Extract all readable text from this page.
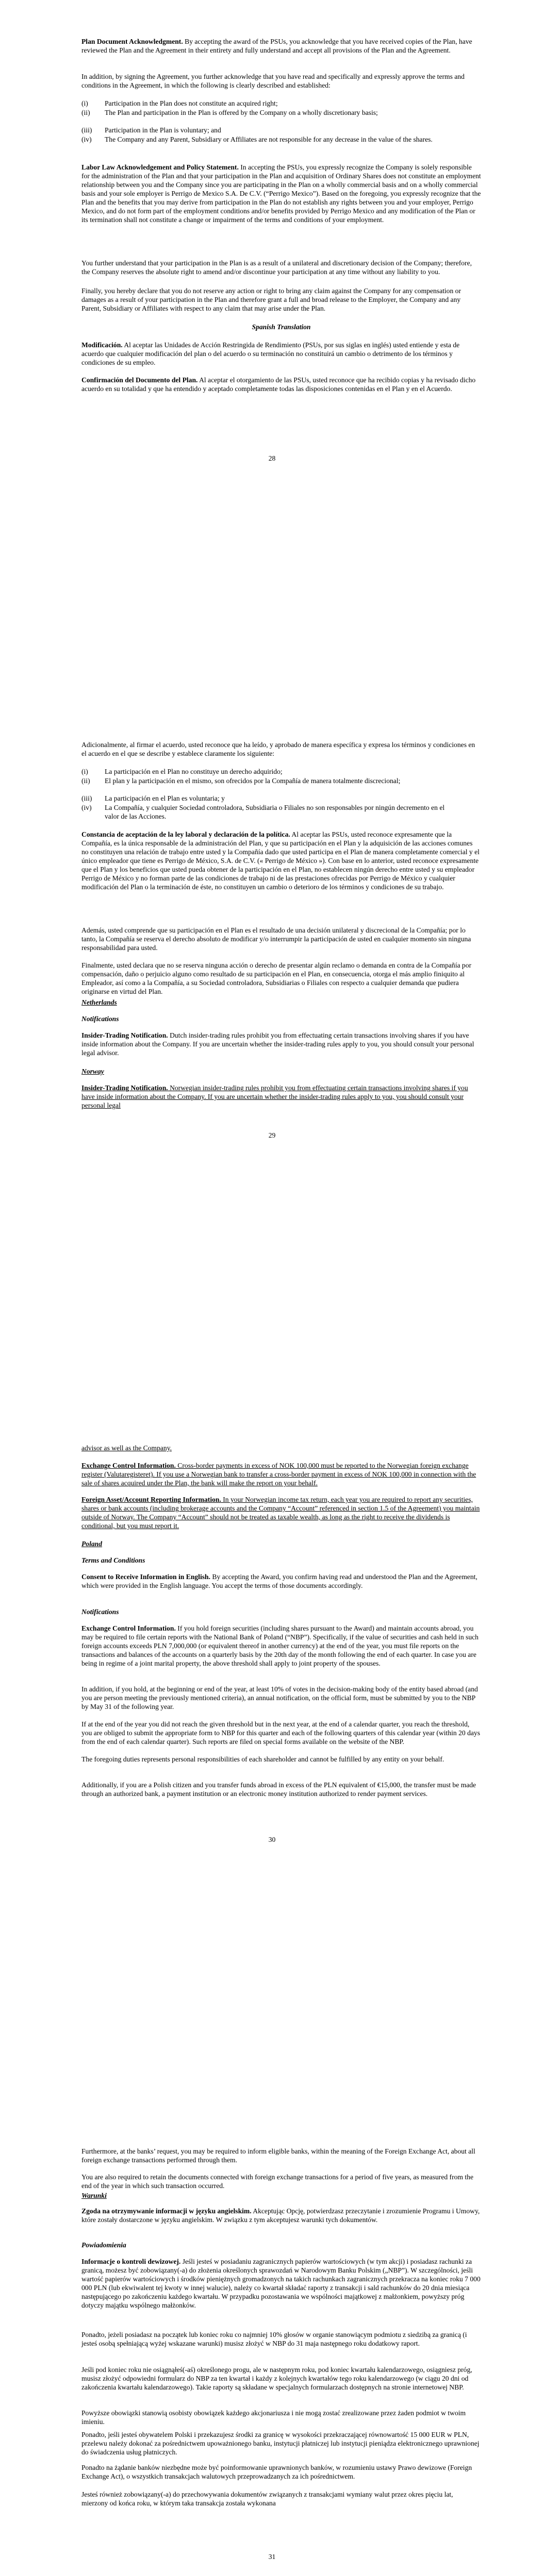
Plan Document Acknowledgment. By accepting the award of the PSUs, you acknowledge that you have received copies of the Plan, have reviewed the Plan and the Agreement in their entirety and fully understand and accept all provisions of the Plan and the Agreement.

In addition, by signing the Agreement, you further acknowledge that you have read and specifically and expressly approve the terms and conditions in the Agreement, in which the following is clearly described and established:

(i) Participation in the Plan does not constitute an acquired right;
(ii) The Plan and participation in the Plan is offered by the Company on a wholly discretionary basis;
(iii) Participation in the Plan is voluntary; and
(iv) The Company and any Parent, Subsidiary or Affiliates are not responsible for any decrease in the value of the shares.

Labor Law Acknowledgement and Policy Statement. In accepting the PSUs, you expressly recognize the Company is solely responsible for the administration of the Plan and that your participation in the Plan and acquisition of Ordinary Shares does not constitute an employment relationship between you and the Company since you are participating in the Plan on a wholly commercial basis and on a wholly commercial basis and your sole employer is Perrigo de Mexico S.A. De C.V. (“Perrigo Mexico”). Based on the foregoing, you expressly recognize that the Plan and the benefits that you may derive from participation in the Plan do not establish any rights between you and your employer, Perrigo Mexico, and do not form part of the employment conditions and/or benefits provided by Perrigo Mexico and any modification of the Plan or its termination shall not constitute a change or impairment of the terms and conditions of your employment.

You further understand that your participation in the Plan is as a result of a unilateral and discretionary decision of the Company; therefore, the Company reserves the absolute right to amend and/or discontinue your participation at any time without any liability to you.

Finally, you hereby declare that you do not reserve any action or right to bring any claim against the Company for any compensation or damages as a result of your participation in the Plan and therefore grant a full and broad release to the Employer, the Company and any Parent, Subsidiary or Affiliates with respect to any claim that may arise under the Plan.

Spanish Translation

Modificación. Al aceptar las Unidades de Acción Restringida de Rendimiento (PSUs, por sus siglas en inglés) usted entiende y esta de acuerdo que cualquier modificación del plan o del acuerdo o su terminación no constituirá un cambio o detrimento de los términos y condiciones de su empleo.

Confirmación del Documento del Plan. Al aceptar el otorgamiento de las PSUs, usted reconoce que ha recibido copias y ha revisado dicho acuerdo en su totalidad y que ha entendido y aceptado completamente todas las disposiciones contenidas en el Plan y en el Acuerdo.

28

Adicionalmente, al firmar el acuerdo, usted reconoce que ha leído, y aprobado de manera específica y expresa los términos y condiciones en el acuerdo en el que se describe y establece claramente los siguiente:

(i) La participación en el Plan no constituye un derecho adquirido;
(ii) El plan y la participación en el mismo, son ofrecidos por la Compañía de manera totalmente discrecional;
(iii) La participación en el Plan es voluntaria; y
(iv) La Compañía, y cualquier Sociedad controladora, Subsidiaria o Filiales no son responsables por ningún decremento en el valor de las Acciones.

Constancia de aceptación de la ley laboral y declaración de la política. Al aceptar las PSUs, usted reconoce expresamente que la Compañía, es la única responsable de la administración del Plan, y que su participación en el Plan y la adquisición de las acciones comunes no constituyen una relación de trabajo entre usted y la Compañía dado que usted participa en el Plan de manera completamente comercial y el único empleador que tiene es Perrigo de México, S.A. de C.V. (« Perrigo de México »). Con base en lo anterior, usted reconoce expresamente que el Plan y los beneficios que usted pueda obtener de la participación en el Plan, no establecen ningún derecho entre usted y su empleador Perrigo de México y no forman parte de las condiciones de trabajo ni de las prestaciones ofrecidas por Perrigo de México y cualquier modificación del Plan o la terminación de éste, no constituyen un cambio o deterioro de los términos y condiciones de su trabajo.

Además, usted comprende que su participación en el Plan es el resultado de una decisión unilateral y discrecional de la Compañía; por lo tanto, la Compañía se reserva el derecho absoluto de modificar y/o interrumpir la participación de usted en cualquier momento sin ninguna responsabilidad para usted.

Finalmente, usted declara que no se reserva ninguna acción o derecho de presentar algún reclamo o demanda en contra de la Compañía por compensación, daño o perjuicio alguno como resultado de su participación en el Plan, en consecuencia, otorga el más amplio finiquito al Empleador, así como a la Compañía, a su Sociedad controladora, Subsidiarias o Filiales con respecto a cualquier demanda que pudiera originarse en virtud del Plan.

Netherlands

Notifications

Insider-Trading Notification. Dutch insider-trading rules prohibit you from effectuating certain transactions involving shares if you have inside information about the Company. If you are uncertain whether the insider-trading rules apply to you, you should consult your personal legal advisor.

Norway

Insider-Trading Notification. Norwegian insider-trading rules prohibit you from effectuating certain transactions involving shares if you have inside information about the Company. If you are uncertain whether the insider-trading rules apply to you, you should consult your personal legal

29

advisor as well as the Company.

Exchange Control Information. Cross-border payments in excess of NOK 100,000 must be reported to the Norwegian foreign exchange register (Valutaregisteret). If you use a Norwegian bank to transfer a cross-border payment in excess of NOK 100,000 in connection with the sale of shares acquired under the Plan, the bank will make the report on your behalf.

Foreign Asset/Account Reporting Information. In your Norwegian income tax return, each year you are required to report any securities, shares or bank accounts (including brokerage accounts and the Company “Account” referenced in section 1.5 of the Agreement) you maintain outside of Norway. The Company “Account” should not be treated as taxable wealth, as long as the right to receive the dividends is conditional, but you must report it.

Poland

Terms and Conditions

Consent to Receive Information in English. By accepting the Award, you confirm having read and understood the Plan and the Agreement, which were provided in the English language. You accept the terms of those documents accordingly.

Notifications

Exchange Control Information. If you hold foreign securities (including shares pursuant to the Award) and maintain accounts abroad, you may be required to file certain reports with the National Bank of Poland (“NBP”). Specifically, if the value of securities and cash held in such foreign accounts exceeds PLN 7,000,000 (or equivalent thereof in another currency) at the end of the year, you must file reports on the transactions and balances of the accounts on a quarterly basis by the 20th day of the month following the end of each quarter. In case you are being in regime of a joint marital property, the above threshold shall apply to joint property of the spouses.

In addition, if you hold, at the beginning or end of the year, at least 10% of votes in the decision-making body of the entity based abroad (and you are person meeting the previously mentioned criteria), an annual notification, on the official form, must be submitted by you to the NBP by May 31 of the following year.

If at the end of the year you did not reach the given threshold but in the next year, at the end of a calendar quarter, you reach the threshold, you are obliged to submit the appropriate form to NBP for this quarter and each of the following quarters of this calendar year (within 20 days from the end of each calendar quarter). Such reports are filed on special forms available on the website of the NBP.

The foregoing duties represents personal responsibilities of each shareholder and cannot be fulfilled by any entity on your behalf.

Additionally, if you are a Polish citizen and you transfer funds abroad in excess of the PLN equivalent of €15,000, the transfer must be made through an authorized bank, a payment institution or an electronic money institution authorized to render payment services.

30

Furthermore, at the banks’ request, you may be required to inform eligible banks, within the meaning of the Foreign Exchange Act, about all foreign exchange transactions performed through them.

You are also required to retain the documents connected with foreign exchange transactions for a period of five years, as measured from the end of the year in which such transaction occurred.

Warunki

Zgoda na otrzymywanie informacji w języku angielskim. Akceptując Opcję, potwierdzasz przeczytanie i zrozumienie Programu i Umowy, które zostały dostarczone w języku angielskim. W związku z tym akceptujesz warunki tych dokumentów.

Powiadomienia

Informacje o kontroli dewizowej. Jeśli jesteś w posiadaniu zagranicznych papierów wartościowych (w tym akcji) i posiadasz rachunki za granicą, możesz być zobowiązany(-a) do złożenia określonych sprawozdań w Narodowym Banku Polskim („NBP”). W szczególności, jeśli wartość papierów wartościowych i środków pieniężnych gromadzonych na takich rachunkach zagranicznych przekracza na koniec roku 7 000 000 PLN (lub ekwiwalent tej kwoty w innej walucie), należy co kwartał składać raporty z transakcji i sald rachunków do 20 dnia miesiąca następującego po zakończeniu każdego kwartału. W przypadku pozostawania we wspólności majątkowej z małżonkiem, powyższy próg dotyczy majątku wspólnego małżonków.

Ponadto, jeżeli posiadasz na początek lub koniec roku co najmniej 10% głosów w organie stanowiącym podmiotu z siedzibą za granicą (i jesteś osobą spełniającą wyżej wskazane warunki) musisz złożyć w NBP do 31 maja następnego roku dodatkowy raport.

Jeśli pod koniec roku nie osiągnąłeś(-aś) określonego progu, ale w następnym roku, pod koniec kwartału kalendarzowego, osiągniesz próg, musisz złożyć odpowiedni formularz do NBP za ten kwartał i każdy z kolejnych kwartałów tego roku kalendarzowego (w ciągu 20 dni od zakończenia kwartału kalendarzowego). Takie raporty są składane w specjalnych formularzach dostępnych na stronie internetowej NBP.

Powyższe obowiązki stanowią osobisty obowiązek każdego akcjonariusza i nie mogą zostać zrealizowane przez żaden podmiot w twoim imieniu.

Ponadto, jeśli jesteś obywatelem Polski i przekazujesz środki za granicę w wysokości przekraczającej równowartość 15 000 EUR w PLN, przelewu należy dokonać za pośrednictwem upoważnionego banku, instytucji płatniczej lub instytucji pieniądza elektronicznego uprawnionej do świadczenia usług płatniczych.

Ponadto na żądanie banków niezbędne może być poinformowanie uprawnionych banków, w rozumieniu ustawy Prawo dewizowe (Foreign Exchange Act), o wszystkich transakcjach walutowych przeprowadzanych za ich pośrednictwem.

Jesteś również zobowiązany(-a) do przechowywania dokumentów związanych z transakcjami wymiany walut przez okres pięciu lat, mierzony od końca roku, w którym taka transakcja została wykonana

31
